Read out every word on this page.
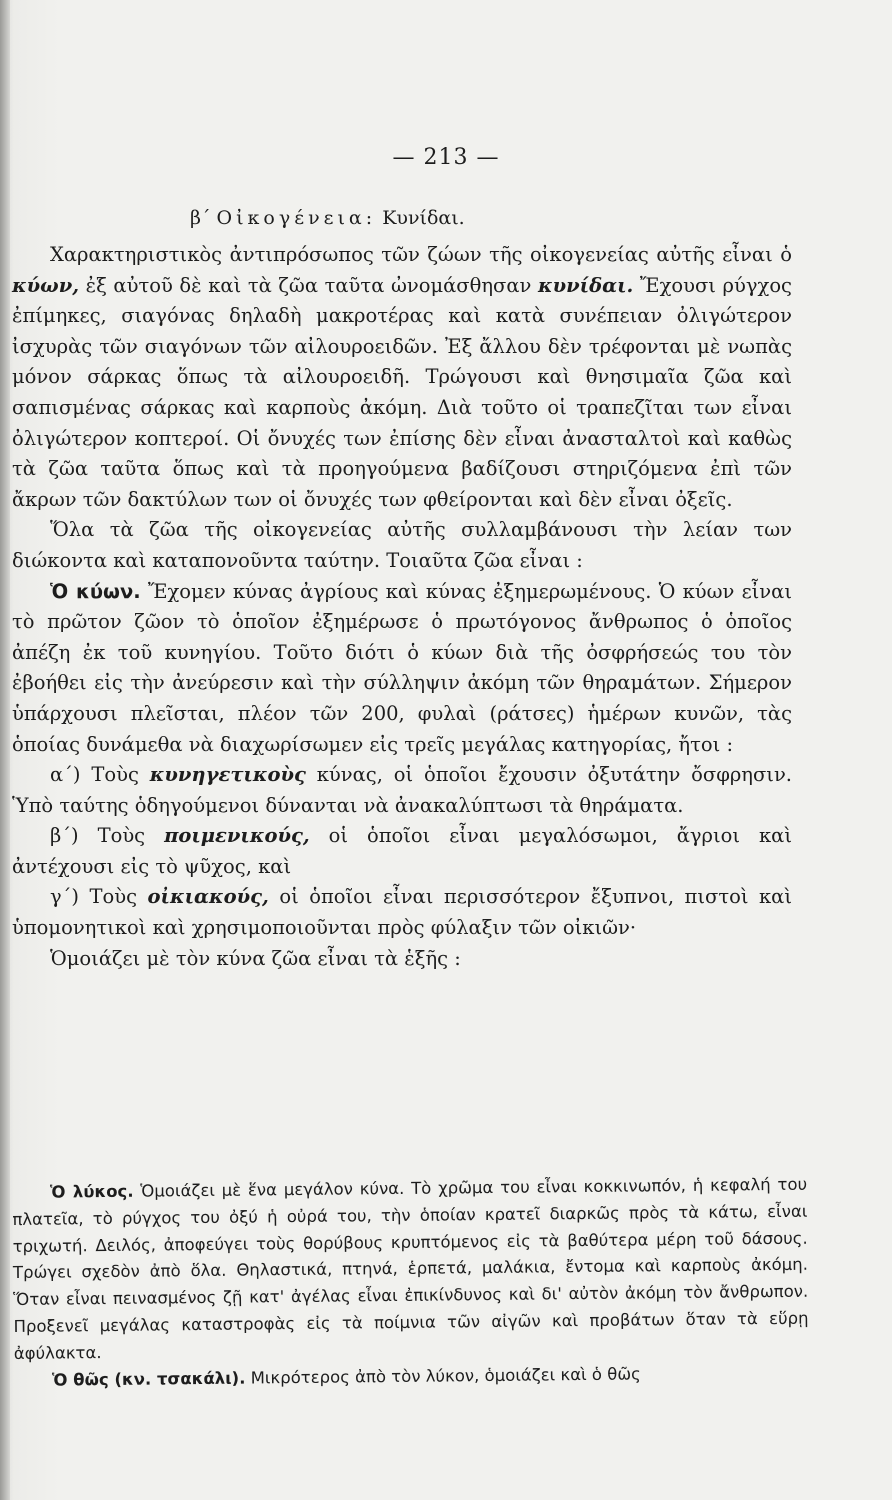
— 213 —
β΄ Οἰκογένεια: Κυνίδαι.

Χαρακτηριστικὸς ἀντιπρόσωπος τῶν ζώων τῆς οἰκογενείας αὐτῆς εἶναι ὁ κύων, ἐξ αὐτοῦ δὲ καὶ τὰ ζῶα ταῦτα ὠνομάσθησαν κυνίδαι. Ἔχουσι ρύγχος ἐπίμηκες, σιαγόνας δηλαδὴ μακροτέρας καὶ κατὰ συνέπειαν ὀλιγώτερον ἰσχυρὰς τῶν σιαγόνων τῶν αἰλουροειδῶν. Ἐξ ἄλλου δὲν τρέφονται μὲ νωπὰς μόνον σάρκας ὅπως τὰ αἰλουροειδῆ. Τρώγουσι καὶ θνησιμαῖα ζῶα καὶ σαπισμένας σάρκας καὶ καρποὺς ἀκόμη. Διὰ τοῦτο οἱ τραπεζῖται των εἶναι ὀλιγώτερον κοπτεροί. Οἱ ὄνυχές των ἐπίσης δὲν εἶναι ἀνασταλτοὶ καὶ καθὼς τὰ ζῶα ταῦτα ὅπως καὶ τὰ προηγούμενα βαδίζουσι στηριζόμενα ἐπὶ τῶν ἄκρων τῶν δακτύλων των οἱ ὄνυχές των φθείρονται καὶ δὲν εἶναι ὀξεῖς.

Ὅλα τὰ ζῶα τῆς οἰκογενείας αὐτῆς συλλαμβάνουσι τὴν λείαν των διώκοντα καὶ καταπονοῦντα ταύτην. Τοιαῦτα ζῶα εἶναι :

Ὁ κύων. Ἔχομεν κύνας ἀγρίους καὶ κύνας ἐξημερωμένους. Ὁ κύων εἶναι τὸ πρῶτον ζῶον τὸ ὁποῖον ἐξημέρωσε ὁ πρωτόγονος ἄνθρωπος ὁ ὁποῖος ἀπέζη ἐκ τοῦ κυνηγίου. Τοῦτο διότι ὁ κύων διὰ τῆς ὀσφρήσεώς του τὸν ἐβοήθει εἰς τὴν ἀνεύρεσιν καὶ τὴν σύλληψιν ἀκόμη τῶν θηραμάτων. Σήμερον ὑπάρχουσι πλεῖσται, πλέον τῶν 200, φυλαὶ (ράτσες) ἡμέρων κυνῶν, τὰς ὁποίας δυνάμεθα νὰ διαχωρίσωμεν εἰς τρεῖς μεγάλας κατηγορίας, ἤτοι :

α΄) Τοὺς κυνηγετικοὺς κύνας, οἱ ὁποῖοι ἔχουσιν ὀξυτάτην ὄσφρησιν. Ὑπὸ ταύτης ὁδηγούμενοι δύνανται νὰ ἀνακαλύπτωσι τὰ θηράματα.

β΄) Τοὺς ποιμενικούς, οἱ ὁποῖοι εἶναι μεγαλόσωμοι, ἄγριοι καὶ ἀντέχουσι εἰς τὸ ψῦχος, καὶ

γ΄) Τοὺς οἰκιακούς, οἱ ὁποῖοι εἶναι περισσότερον ἔξυπνοι, πιστοὶ καὶ ὑπομονητικοὶ καὶ χρησιμοποιοῦνται πρὸς φύλαξιν τῶν οἰκιῶν·

Ὁμοιάζει μὲ τὸν κύνα ζῶα εἶναι τὰ ἑξῆς :

Ὁ λύκος. Ὁμοιάζει μὲ ἕνα μεγάλον κύνα. Τὸ χρῶμα του εἶναι κοκκινωπόν, ἡ κεφαλή του πλατεῖα, τὸ ρύγχος του ὀξύ ἡ οὐρά του, τὴν ὁποίαν κρατεῖ διαρκῶς πρὸς τὰ κάτω, εἶναι τριχωτή. Δειλός, ἀποφεύγει τοὺς θορύβους κρυπτόμενος εἰς τὰ βαθύτερα μέρη τοῦ δάσους. Τρώγει σχεδὸν ἀπὸ ὅλα. Θηλαστικά, πτηνά, ἑρπετά, μαλάκια, ἔντομα καὶ καρποὺς ἀκόμη. Ὅταν εἶναι πεινασμένος ζῇ κατ' ἀγέλας εἶναι ἐπικίνδυνος καὶ δι' αὐτὸν ἀκόμη τὸν ἄνθρωπον. Προξενεῖ μεγάλας καταστροφὰς εἰς τὰ ποίμνια τῶν αἰγῶν καὶ προβάτων ὅταν τὰ εὕρῃ ἀφύλακτα.

Ὁ θῶς (κν. τσακάλι). Μικρότερος ἀπὸ τὸν λύκον, ὁμοιάζει καὶ ὁ θῶς
